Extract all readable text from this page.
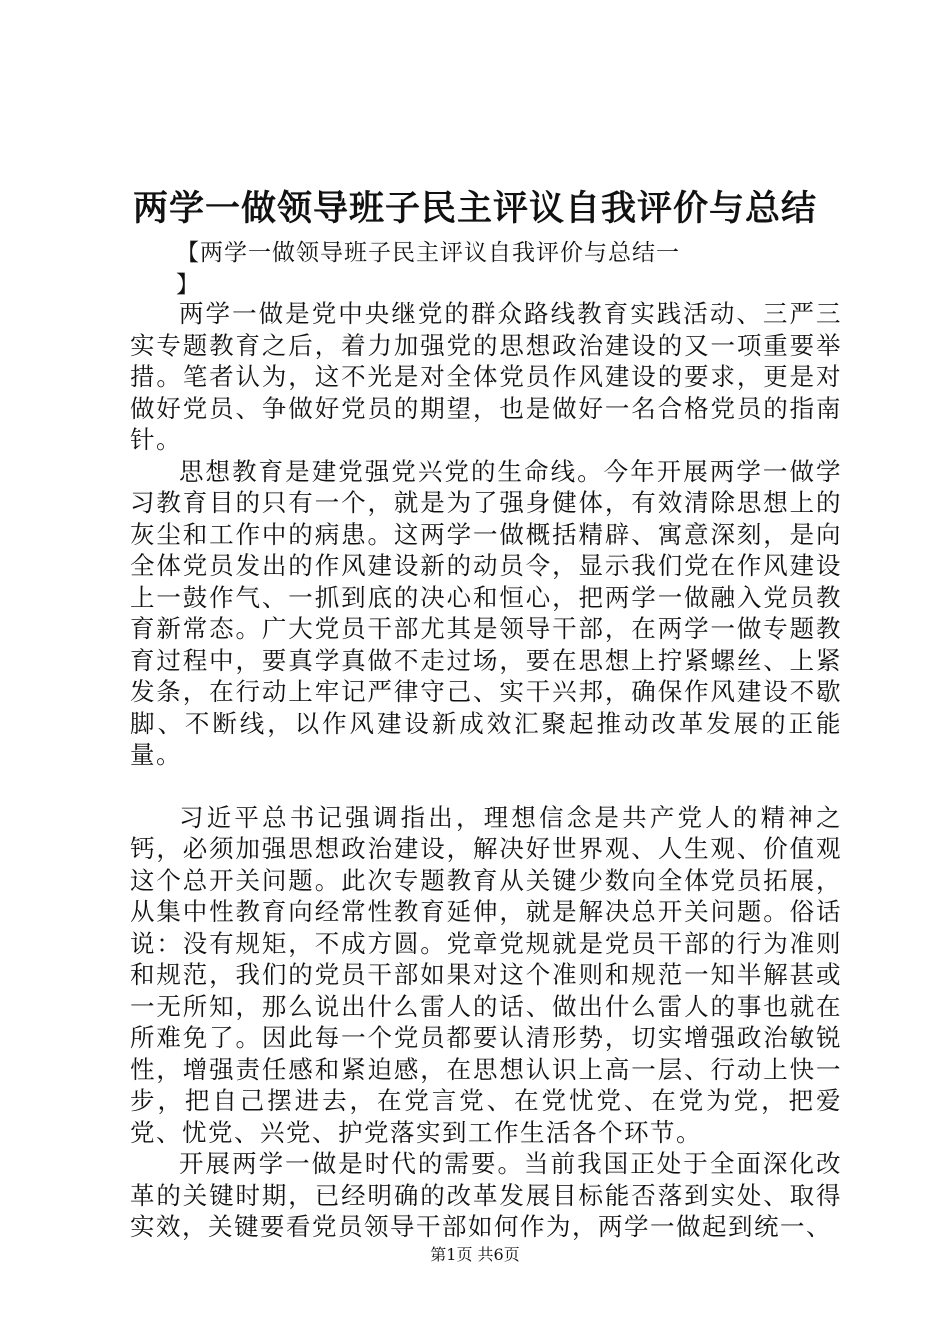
两学一做领导班子民主评议自我评价与总结
【两学一做领导班子民主评议自我评价与总结一
】

两学一做是党中央继党的群众路线教育实践活动、三严三实专题教育之后，着力加强党的思想政治建设的又一项重要举措。笔者认为，这不光是对全体党员作风建设的要求，更是对做好党员、争做好党员的期望，也是做好一名合格党员的指南针。

思想教育是建党强党兴党的生命线。今年开展两学一做学习教育目的只有一个，就是为了强身健体，有效清除思想上的灰尘和工作中的病患。这两学一做概括精辟、寓意深刻，是向全体党员发出的作风建设新的动员令，显示我们党在作风建设上一鼓作气、一抓到底的决心和恒心，把两学一做融入党员教育新常态。广大党员干部尤其是领导干部，在两学一做专题教育过程中，要真学真做不走过场，要在思想上拧紧螺丝、上紧发条，在行动上牢记严律守己、实干兴邦，确保作风建设不歇脚、不断线，以作风建设新成效汇聚起推动改革发展的正能量。

习近平总书记强调指出，理想信念是共产党人的精神之钙，必须加强思想政治建设，解决好世界观、人生观、价值观这个总开关问题。此次专题教育从关键少数向全体党员拓展，从集中性教育向经常性教育延伸，就是解决总开关问题。俗话说：没有规矩，不成方圆。党章党规就是党员干部的行为准则和规范，我们的党员干部如果对这个准则和规范一知半解甚或一无所知，那么说出什么雷人的话、做出什么雷人的事也就在所难免了。因此每一个党员都要认清形势，切实增强政治敏锐性，增强责任感和紧迫感，在思想认识上高一层、行动上快一步，把自己摆进去，在党言党、在党忧党、在党为党，把爱党、忧党、兴党、护党落实到工作生活各个环节。

开展两学一做是时代的需要。当前我国正处于全面深化改革的关键时期，已经明确的改革发展目标能否落到实处、取得实效，关键要看党员领导干部如何作为，两学一做起到统一、

第1页 共6页
